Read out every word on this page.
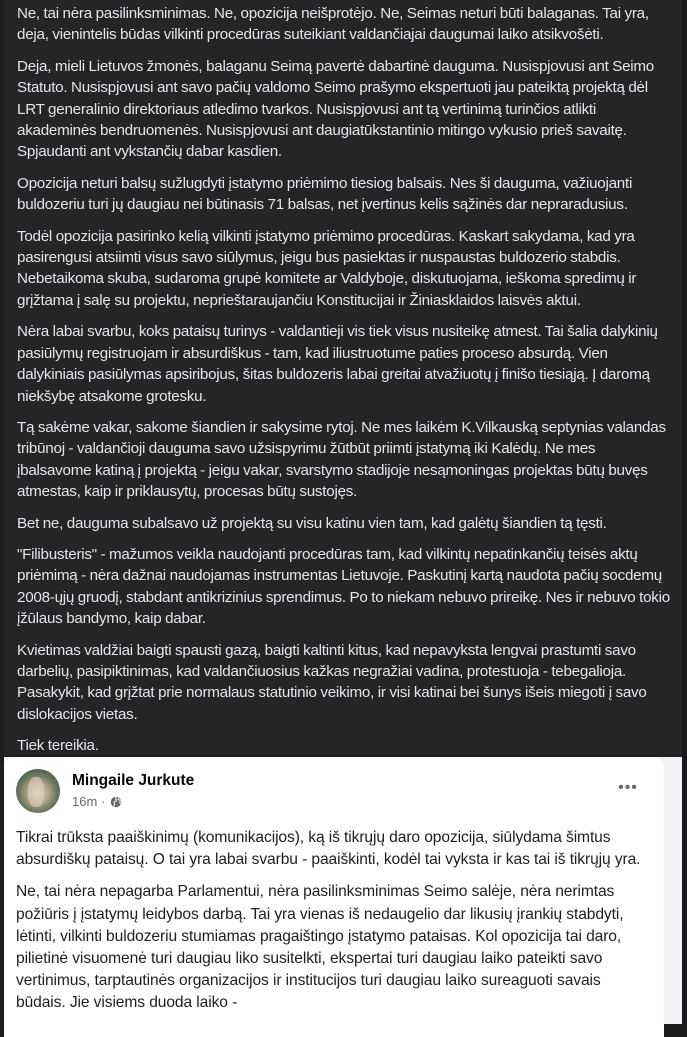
Ne, tai nėra pasilinksminimas. Ne, opozicija neišprotėjo. Ne, Seimas neturi būti balaganas. Tai yra, deja, vienintelis būdas vilkinti procedūras suteikiant valdančiajai daugumai laiko atsikvošėti.

Deja, mieli Lietuvos žmonės, balaganu Seimą pavertė dabartinė dauguma. Nusispjovusi ant Seimo Statuto. Nusispjovusi ant savo pačių valdomo Seimo prašymo ekspertuoti jau pateiktą projektą dėl LRT generalinio direktoriaus atledimo tvarkos. Nusispjovusi ant tą vertinimą turinčios atlikti akademinės bendruomenės. Nusispjovusi ant daugiatūkstantinio mitingo vykusio prieš savaitę. Spjaudanti ant vykstančių dabar kasdien.

Opozicija neturi balsų sužlugdyti įstatymo priėmimo tiesiog balsais. Nes ši dauguma, važiuojanti buldozeriu turi jų daugiau nei būtinasis 71 balsas, net įvertinus kelis sąžinės dar nepraradusius.

Todėl opozicija pasirinko kelią vilkinti įstatymo priėmimo procedūras. Kaskart sakydama, kad yra pasirengusi atsiimti visus savo siūlymus, jeigu bus pasiektas ir nuspaustas buldozerio stabdis. Nebetaikoma skuba, sudaroma grupė komitete ar Valdyboje, diskutuojama, ieškoma spredimų ir grįžtama į salę su projektu, neprieštaraujančiu Konstitucijai ir Žiniasklaidos laisvės aktui.

Nėra labai svarbu, koks pataisų turinys - valdantieji vis tiek visus nusiteikę atmest. Tai šalia dalykinių pasiūlymų registruojam ir absurdiškus - tam, kad iliustruotume paties proceso absurdą. Vien dalykiniais pasiūlymas apsiribojus, šitas buldozeris labai greitai atvažiuotų į finišo tiesiąją. Į daromą niekšybę atsakome grotesku.

Tą sakėme vakar, sakome šiandien ir sakysime rytoj. Ne mes laikėm K.Vilkauską septynias valandas tribūnoj - valdančioji dauguma savo užsispyrimu žūtbūt priimti įstatymą iki Kalėdų. Ne mes įbalsavome katiną į projektą - jeigu vakar, svarstymo stadijoje nesąmoningas projektas būtų buvęs atmestas, kaip ir priklausytų, procesas būtų sustojęs.

Bet ne, dauguma subalsavo už projektą su visu katinu vien tam, kad galėtų šiandien tą tęsti.

"Filibusteris" - mažumos veikla naudojanti procedūras tam, kad vilkintų nepatinkančių teisės aktų priėmimą - nėra dažnai naudojamas instrumentas Lietuvoje. Paskutinį kartą naudota pačių socdemų 2008-ųjų gruodį, stabdant antikrizinius sprendimus. Po to niekam nebuvo prireikę. Nes ir nebuvo tokio įžūlaus bandymo, kaip dabar.

Kvietimas valdžiai baigti spausti gazą, baigti kaltinti kitus, kad nepavyksta lengvai prastumti savo darbelių, pasipiktinimas, kad valdančiuosius kažkas negražiai vadina, protestuoja - tebegalioja. Pasakykit, kad grįžtat prie normalaus statutinio veikimo, ir visi katinai bei šunys išeis miegoti į savo dislokacijos vietas.

Tiek tereikia.

Mingaile Jurkute
16m ·
•••

Tikrai trūksta paaiškinimų (komunikacijos), ką iš tikrųjų daro opozicija, siūlydama šimtus absurdiškų pataisų. O tai yra labai svarbu - paaiškinti, kodėl tai vyksta ir kas tai iš tikrųjų yra.

Ne, tai nėra nepagarba Parlamentui, nėra pasilinksminimas Seimo salėje, nėra nerimtas požiūris į įstatymų leidybos darbą. Tai yra vienas iš nedaugelio dar likusių įrankių stabdyti, lėtinti, vilkinti buldozeriu stumiamas pragaištingo įstatymo pataisas. Kol opozicija tai daro, pilietinė visuomenė turi daugiau liko susitelkti, ekspertai turi daugiau laiko pateikti savo vertinimus, tarptautinės organizacijos ir institucijos turi daugiau laiko sureaguoti savais būdais. Jie visiems duoda laiko -
